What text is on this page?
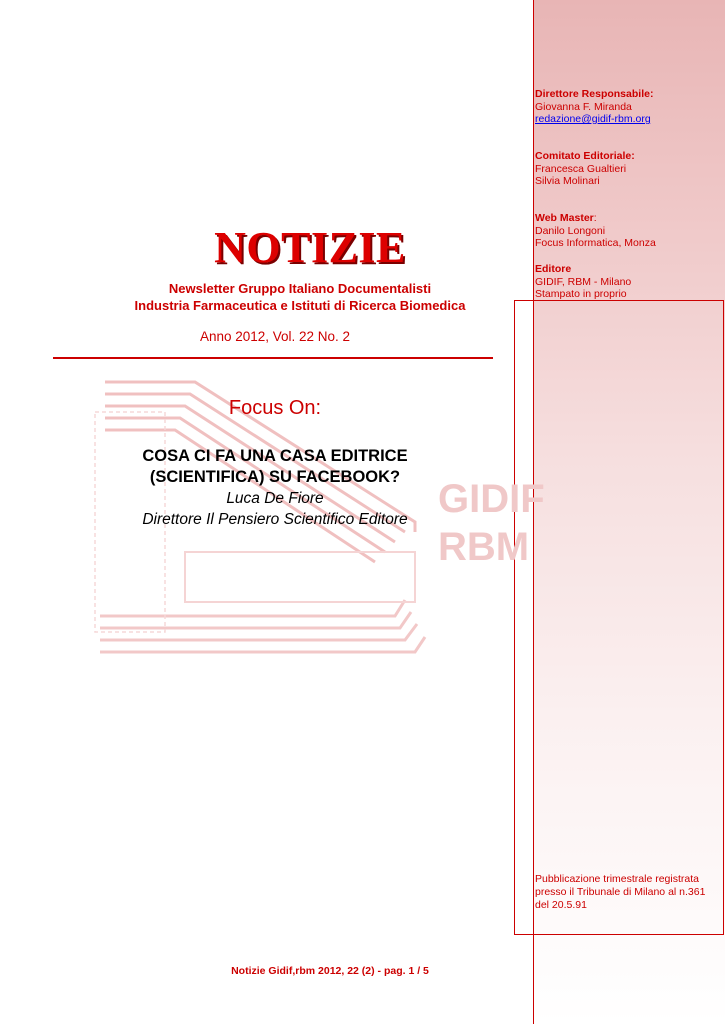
Direttore Responsabile:
Giovanna F. Miranda
redazione@gidif-rbm.org
Comitato Editoriale:
Francesca Gualtieri
Silvia Molinari
Web Master:
Danilo Longoni
Focus Informatica, Monza
Editore
GIDIF, RBM - Milano
Stampato in proprio
Pubblicazione trimestrale registrata presso il Tribunale di Milano al n.361 del 20.5.91
NOTIZIE
Newsletter Gruppo Italiano Documentalisti
Industria Farmaceutica e Istituti di Ricerca Biomedica
Anno 2012, Vol. 22 No. 2
GIDIF
RBM
Focus On:
COSA CI FA UNA CASA EDITRICE
(SCIENTIFICA) SU FACEBOOK?
Luca De Fiore
Direttore Il Pensiero Scientifico Editore
Notizie Gidif,rbm 2012, 22 (2) - pag. 1 / 5
